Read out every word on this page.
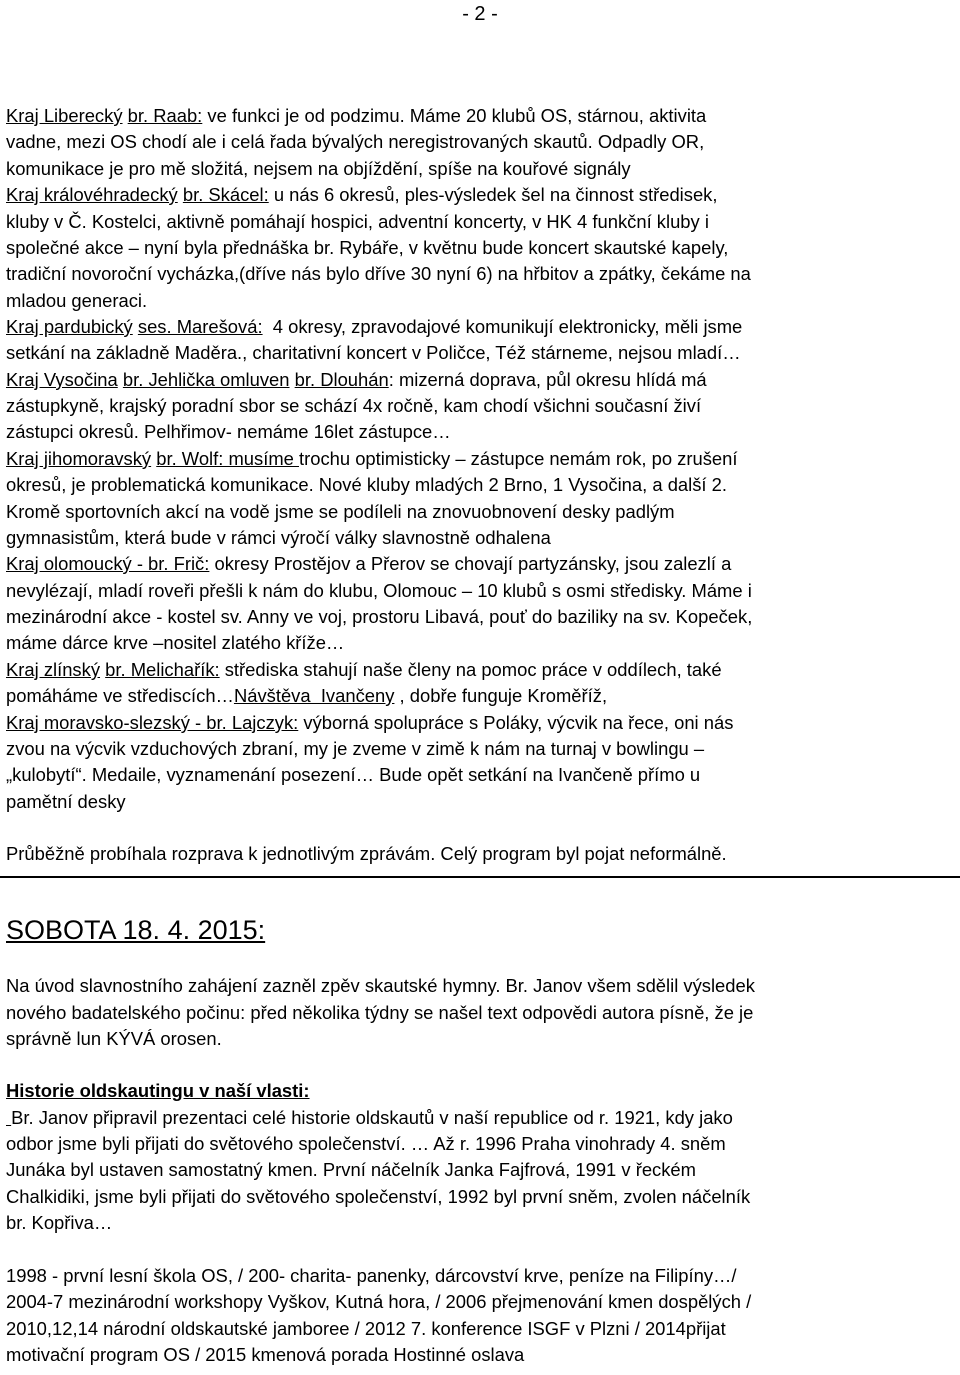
- 2 -
Kraj Liberecký br. Raab: ve funkci je od podzimu. Máme 20 klubů OS, stárnou, aktivita
vadne, mezi OS chodí ale i celá řada bývalých neregistrovaných skautů. Odpadly OR,
komunikace je pro mě složitá, nejsem na objíždění, spíše na kouřové signály
Kraj královéhradecký br. Skácel: u nás 6 okresů, ples-výsledek šel na činnost středisek,
kluby v Č. Kostelci, aktivně pomáhají hospici, adventní koncerty, v HK 4 funkční kluby i
společné akce – nyní byla přednáška br. Rybáře, v květnu bude koncert skautské kapely,
tradiční novoroční vycházka,(dříve nás bylo dříve 30 nyní 6) na hřbitov a zpátky, čekáme na
mladou generaci.
Kraj pardubický ses. Marešová:  4 okresy, zpravodajové komunikují elektronicky, měli jsme
setkání na základně Maděra., charitativní koncert v Poličce, Též stárneme, nejsou mladí…
Kraj Vysočina br. Jehlička omluven br. Dlouhán: mizerná doprava, půl okresu hlídá má
zástupkyně, krajský poradní sbor se schází 4x ročně, kam chodí všichni současní živí
zástupci okresů. Pelhřimov- nemáme 16let zástupce…
Kraj jihomoravský br. Wolf: musíme trochu optimisticky – zástupce nemám rok, po zrušení
okresů, je problematická komunikace. Nové kluby mladých 2 Brno, 1 Vysočina, a další 2.
Kromě sportovních akcí na vodě jsme se podíleli na znovuobnovení desky padlým
gymnasistům, která bude v rámci výročí války slavnostně odhalena
Kraj olomoucký - br. Frič: okresy Prostějov a Přerov se chovají partyzánsky, jsou zalezlí a
nevylézají, mladí roveři přešli k nám do klubu, Olomouc – 10 klubů s osmi středisky. Máme i
mezinárodní akce - kostel sv. Anny ve voj, prostoru Libavá, pouť do baziliky na sv. Kopeček,
máme dárce krve –nositel zlatého kříže…
Kraj zlínský br. Melichařík: střediska stahují naše členy na pomoc práce v oddílech, také
pomáháme ve střediscích…Návštěva  Ivančeny , dobře funguje Kroměříž,
Kraj moravsko-slezský - br. Lajczyk: výborná spolupráce s Poláky, výcvik na řece, oni nás
zvou na výcvik vzduchových zbraní, my je zveme v zimě k nám na turnaj v bowlingu –
„kulobytí“. Medaile, vyznamenání posezení… Bude opět setkání na Ivančeně přímo u
pamětní desky
Průběžně probíhala rozprava k jednotlivým zprávám. Celý program byl pojat neformálně.
SOBOTA 18. 4. 2015:
Na úvod slavnostního zahájení zazněl zpěv skautské hymny. Br. Janov všem sdělil výsledek
nového badatelského počinu: před několika týdny se našel text odpovědi autora písně, že je
správně lun KÝVÁ orosen.
Historie oldskautingu v naší vlasti:
Br. Janov připravil prezentaci celé historie oldskautů v naší republice od r. 1921, kdy jako
odbor jsme byli přijati do světového společenství. … Až r. 1996 Praha vinohrady 4. sněm
Junáka byl ustaven samostatný kmen. První náčelník Janka Fajfrová, 1991 v řeckém
Chalkidiki, jsme byli přijati do světového společenství, 1992 byl první sněm, zvolen náčelník
br. Kopřiva…
1998 - první lesní škola OS, / 200- charita- panenky, dárcovství krve, peníze na Filipíny…/
2004-7 mezinárodní workshopy Vyškov, Kutná hora, / 2006 přejmenování kmen dospělých /
2010,12,14 národní oldskautské jamboree / 2012 7. konference ISGF v Plzni / 2014přijat
motivační program OS / 2015 kmenová porada Hostinné oslava
